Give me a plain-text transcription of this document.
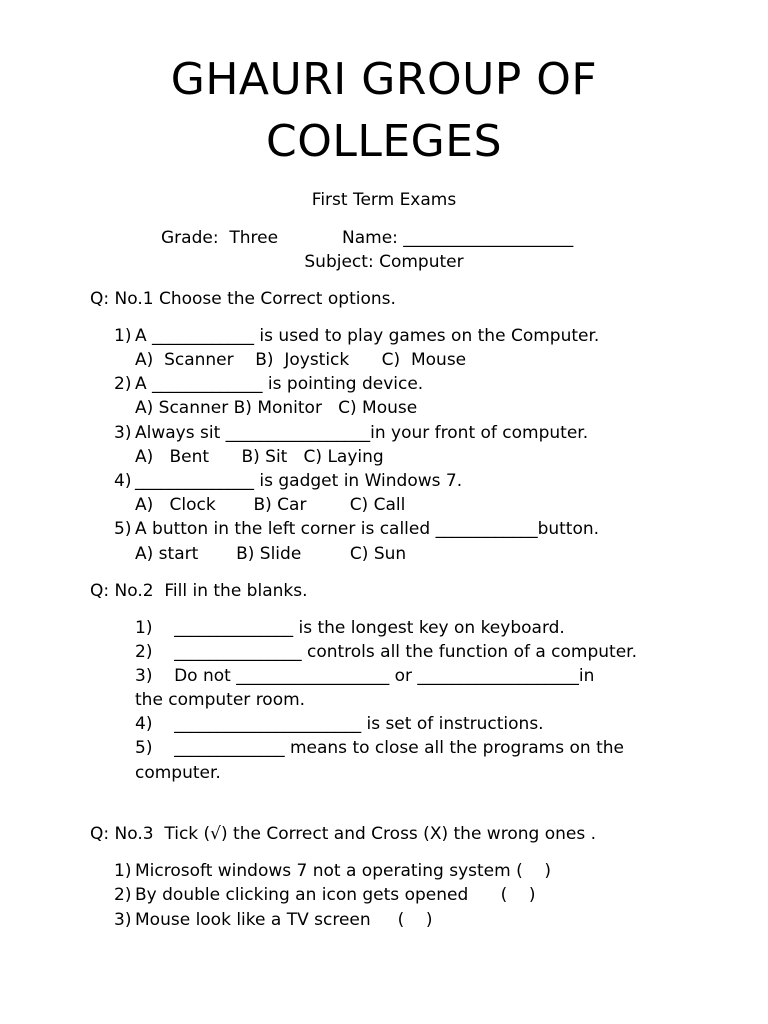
GHAURI GROUP OF
COLLEGES
First Term Exams
Grade:  Three	Name: ____________________
Subject: Computer
Q: No.1 Choose the Correct options.
1) A ____________ is used to play games on the Computer.
A)  Scanner    B)  Joystick      C)  Mouse
2) A _____________ is pointing device.
A) Scanner B) Monitor   C) Mouse
3) Always sit _________________in your front of computer.
A)   Bent      B) Sit   C) Laying
4) ______________ is gadget in Windows 7.
A)   Clock       B) Car        C) Call
5) A button in the left corner is called ____________button.
A) start       B) Slide         C) Sun
Q: No.2  Fill in the blanks.
1)    ______________ is the longest key on keyboard.
2)    _______________ controls all the function of a computer.
3)    Do not __________________ or ___________________in
the computer room.
4)    ______________________ is set of instructions.
5)    _____________ means to close all the programs on the
computer.
Q: No.3  Tick (√) the Correct and Cross (X) the wrong ones .
1) Microsoft windows 7 not a operating system (    )
2) By double clicking an icon gets opened      (    )
3) Mouse look like a TV screen     (    )
